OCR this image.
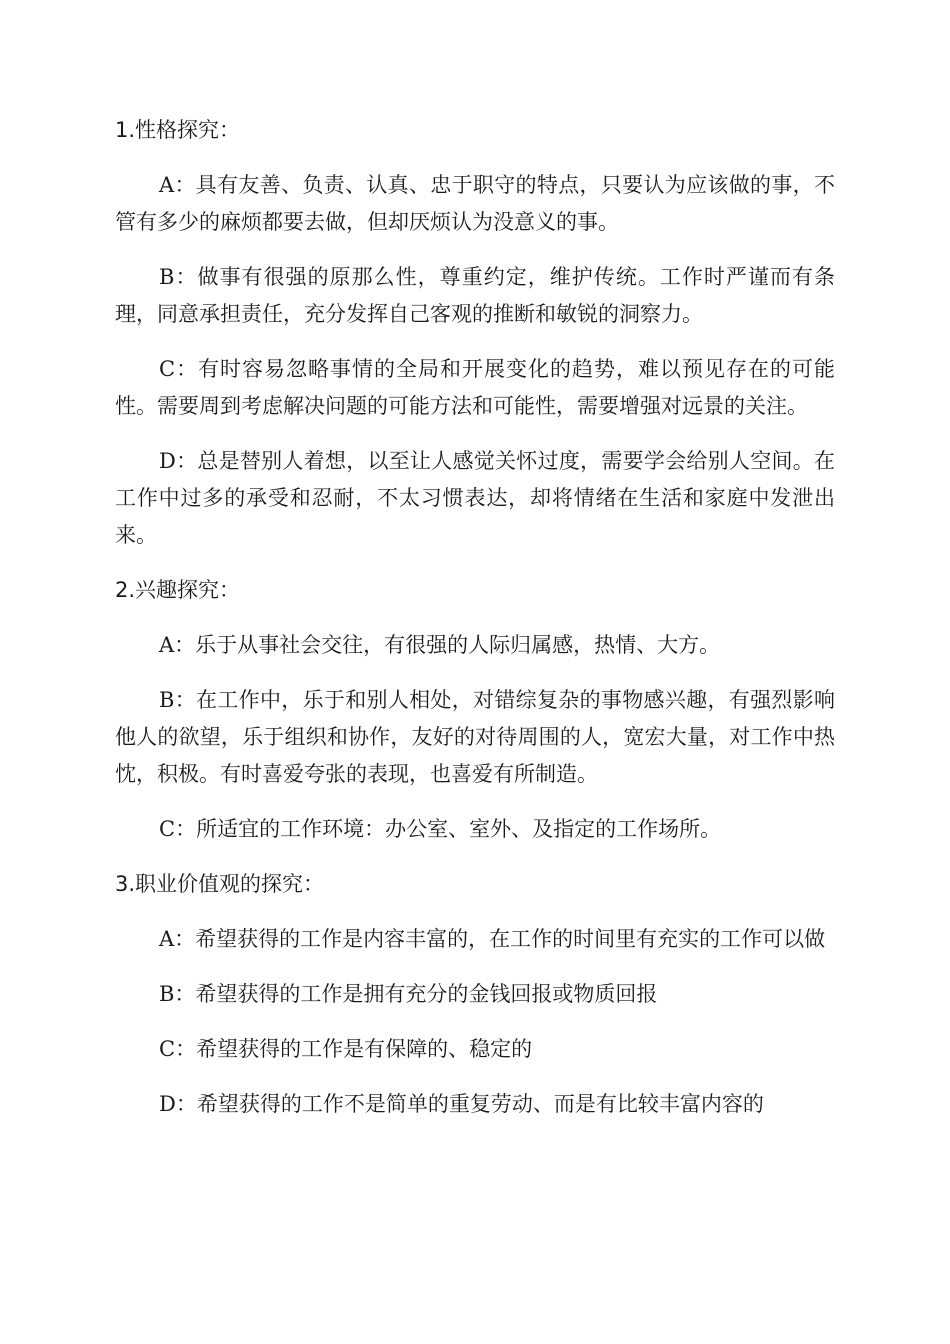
1.性格探究：

A：具有友善、负责、认真、忠于职守的特点，只要认为应该做的事，不管有多少的麻烦都要去做，但却厌烦认为没意义的事。

B：做事有很强的原那么性，尊重约定，维护传统。工作时严谨而有条理，同意承担责任，充分发挥自己客观的推断和敏锐的洞察力。

C：有时容易忽略事情的全局和开展变化的趋势，难以预见存在的可能性。需要周到考虑解决问题的可能方法和可能性，需要增强对远景的关注。

D：总是替别人着想，以至让人感觉关怀过度，需要学会给别人空间。在工作中过多的承受和忍耐，不太习惯表达，却将情绪在生活和家庭中发泄出来。

2.兴趣探究：

A：乐于从事社会交往，有很强的人际归属感，热情、大方。

B：在工作中，乐于和别人相处，对错综复杂的事物感兴趣，有强烈影响他人的欲望，乐于组织和协作，友好的对待周围的人，宽宏大量，对工作中热忱，积极。有时喜爱夸张的表现，也喜爱有所制造。

C：所适宜的工作环境：办公室、室外、及指定的工作场所。

3.职业价值观的探究：

A：希望获得的工作是内容丰富的，在工作的时间里有充实的工作可以做

B：希望获得的工作是拥有充分的金钱回报或物质回报

C：希望获得的工作是有保障的、稳定的

D：希望获得的工作不是简单的重复劳动、而是有比较丰富内容的
